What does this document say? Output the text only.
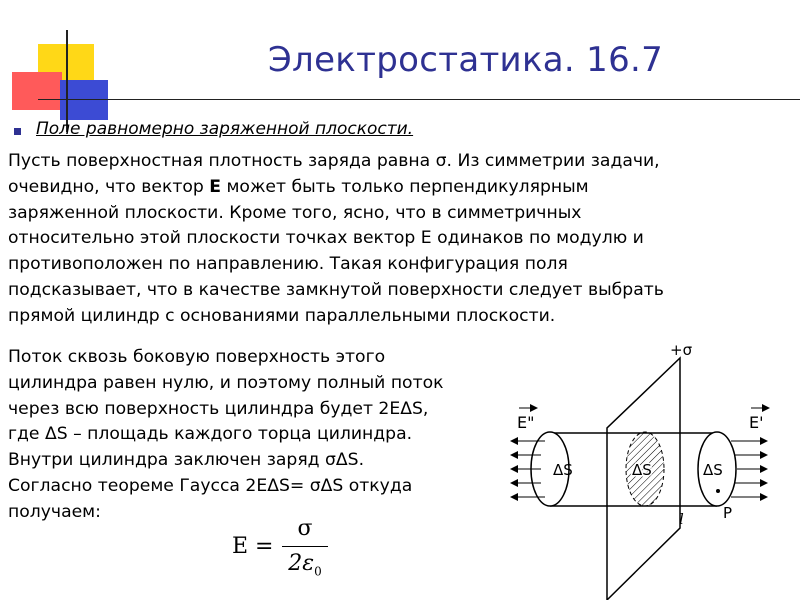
Электростатика. 16.7
Поле равномерно заряженной плоскости.
Пусть поверхностная плотность заряда равна σ. Из симметрии задачи,
очевидно, что вектор E может быть только перпендикулярным
заряженной плоскости. Кроме того, ясно, что в симметричных
относительно этой плоскости точках вектор Е одинаков по модулю и
противоположен по направлению. Такая конфигурация поля
подсказывает, что в качестве замкнутой поверхности следует выбрать
прямой цилиндр с основаниями параллельными плоскости.
Поток сквозь боковую поверхность этого
цилиндра равен нулю, и поэтому полный поток
через всю поверхность цилиндра будет 2EΔS,
где ΔS – площадь каждого торца цилиндра.
Внутри цилиндра заключен заряд σΔS.
Согласно теореме Гаусса 2EΔS= σΔS откуда
получаем:
E =
σ
$2\varepsilon_0$
+σ
E"	E'
ΔS	ΔS	ΔS
l	P
